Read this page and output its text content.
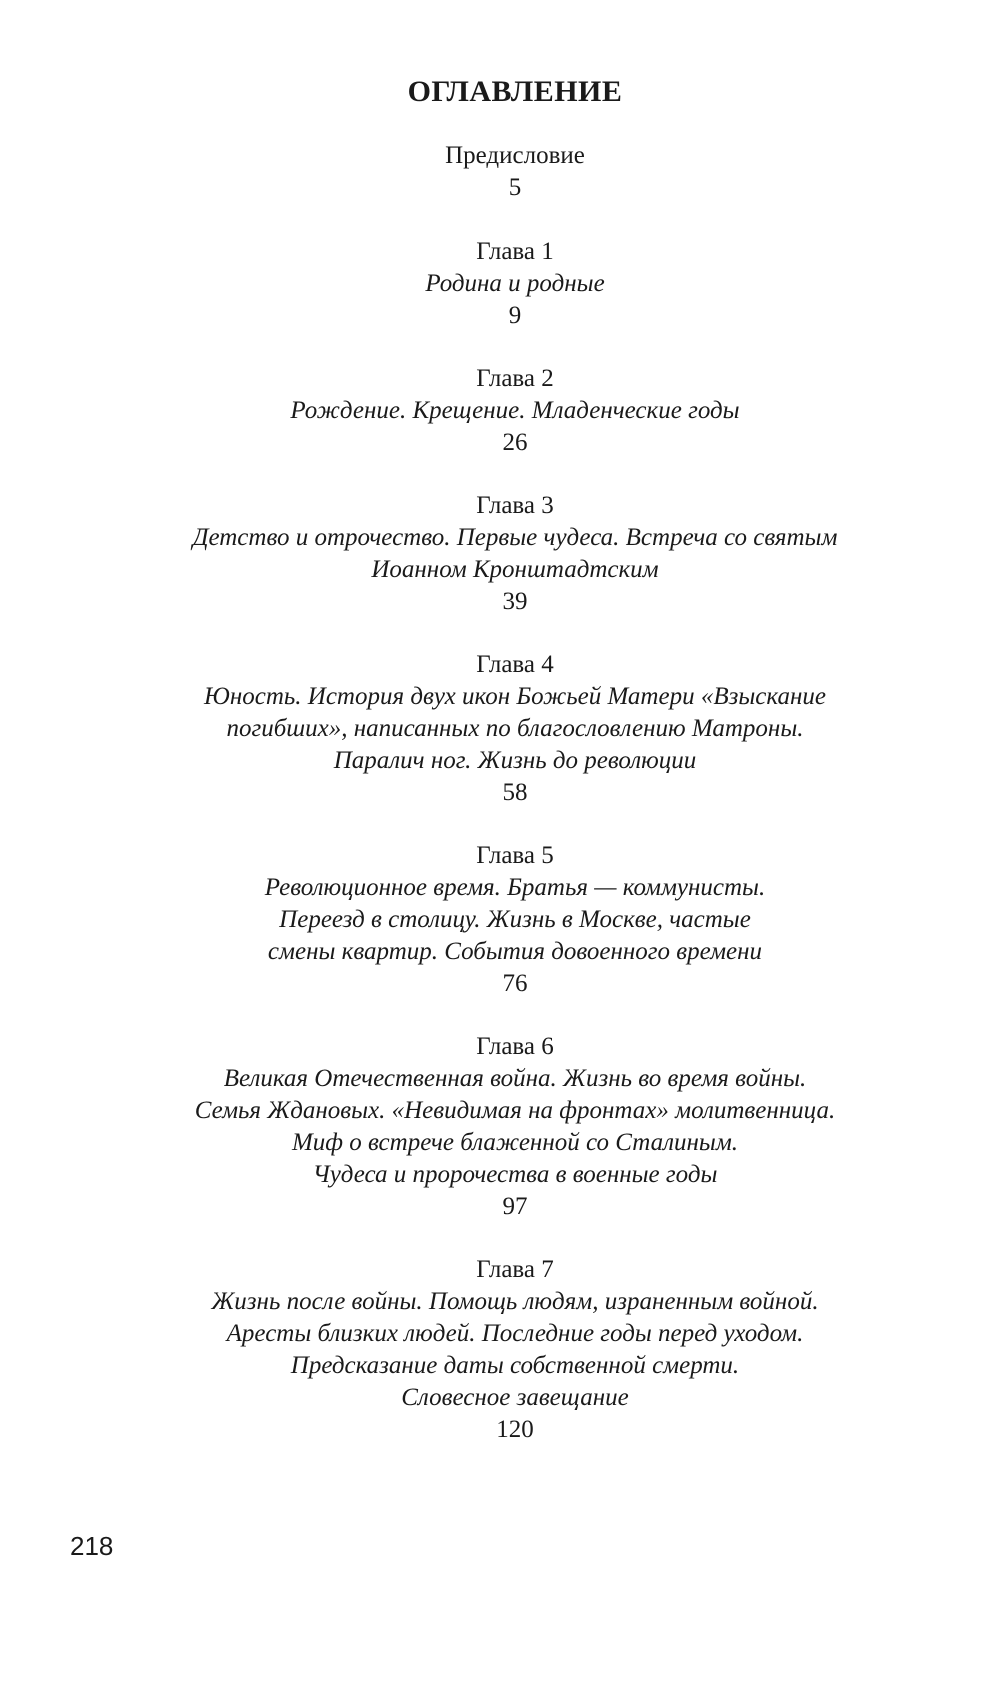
ОГЛАВЛЕНИЕ
Предисловие
5
Глава 1
Родина и родные
9
Глава 2
Рождение. Крещение. Младенческие годы
26
Глава 3
Детство и отрочество. Первые чудеса. Встреча со святым
Иоанном Кронштадтским
39
Глава 4
Юность. История двух икон Божьей Матери «Взыскание
погибших», написанных по благословлению Матроны.
Паралич ног. Жизнь до революции
58
Глава 5
Революционное время. Братья — коммунисты.
Переезд в столицу. Жизнь в Москве, частые
смены квартир. События довоенного времени
76
Глава 6
Великая Отечественная война. Жизнь во время войны.
Семья Ждановых. «Невидимая на фронтах» молитвенница.
Миф о встрече блаженной со Сталиным.
Чудеса и пророчества в военные годы
97
Глава 7
Жизнь после войны. Помощь людям, израненным войной.
Аресты близких людей. Последние годы перед уходом.
Предсказание даты собственной смерти.
Словесное завещание
120
218
